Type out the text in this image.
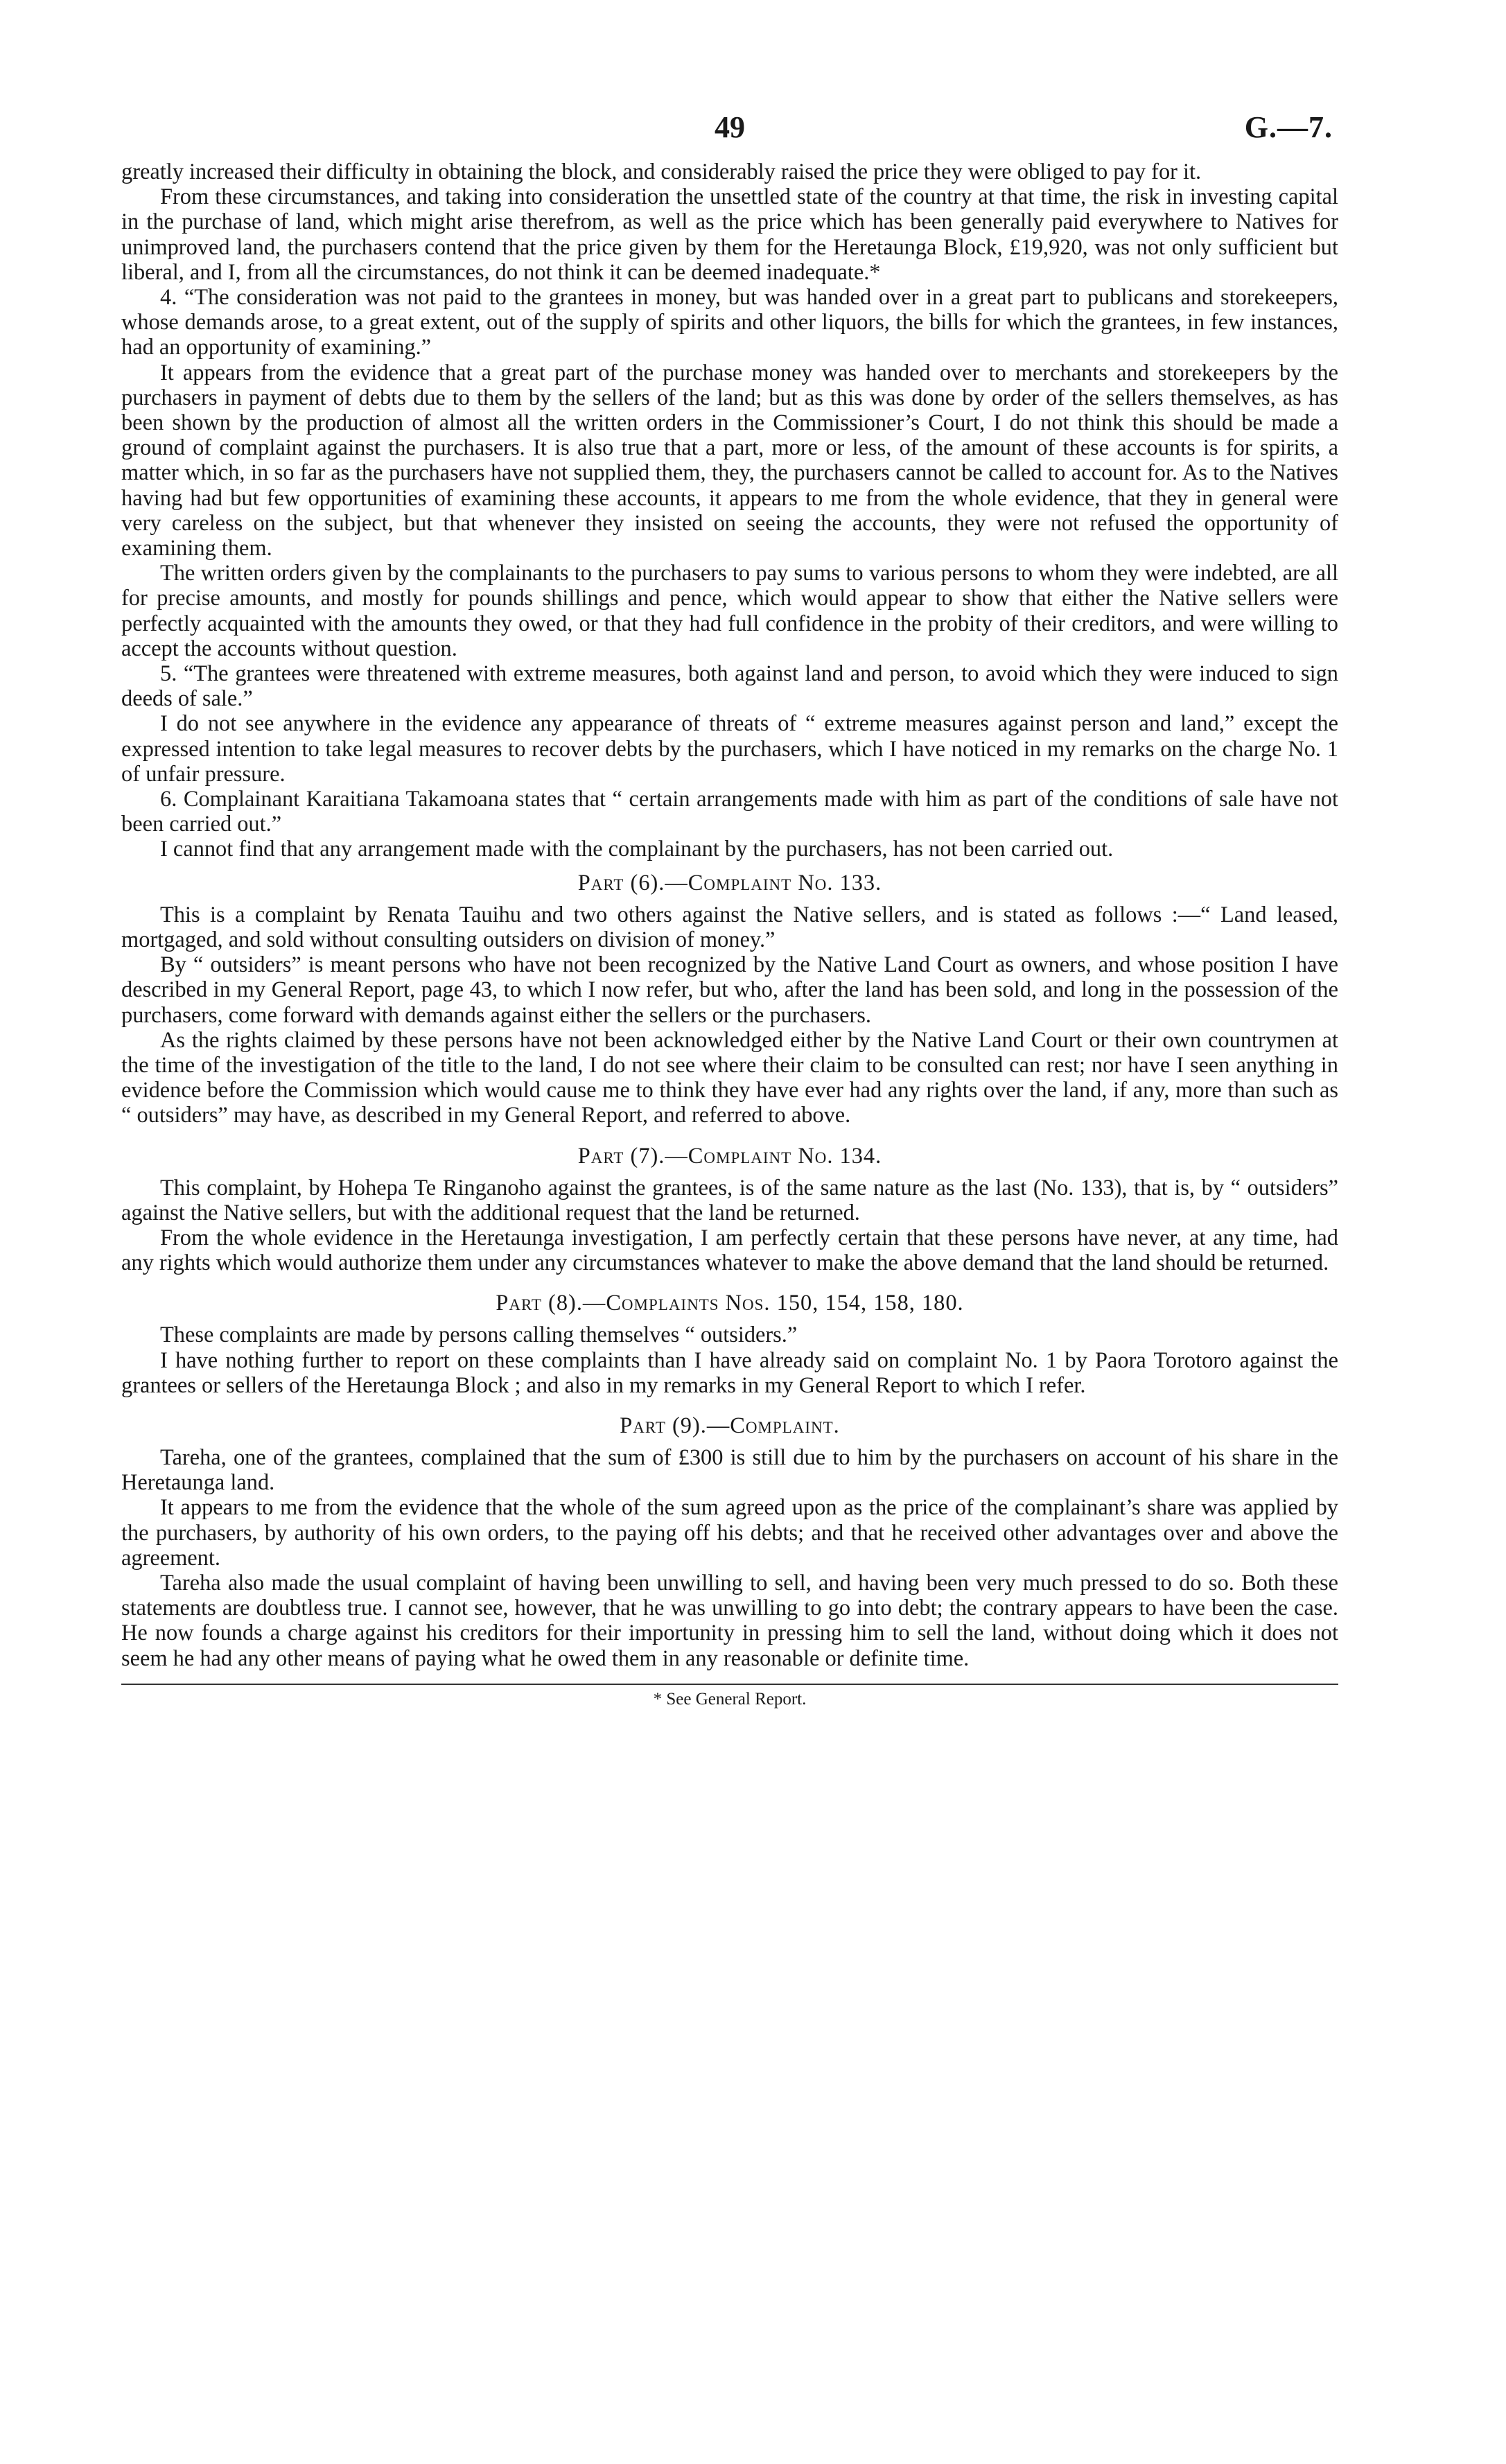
49	G.—7.

greatly increased their difficulty in obtaining the block, and considerably raised the price they were obliged to pay for it.

From these circumstances, and taking into consideration the unsettled state of the country at that time, the risk in investing capital in the purchase of land, which might arise therefrom, as well as the price which has been generally paid everywhere to Natives for unimproved land, the purchasers contend that the price given by them for the Heretaunga Block, £19,920, was not only sufficient but liberal, and I, from all the circumstances, do not think it can be deemed inadequate.*

4. “The consideration was not paid to the grantees in money, but was handed over in a great part to publicans and storekeepers, whose demands arose, to a great extent, out of the supply of spirits and other liquors, the bills for which the grantees, in few instances, had an opportunity of examining.”

It appears from the evidence that a great part of the purchase money was handed over to merchants and storekeepers by the purchasers in payment of debts due to them by the sellers of the land; but as this was done by order of the sellers themselves, as has been shown by the production of almost all the written orders in the Commissioner’s Court, I do not think this should be made a ground of complaint against the purchasers. It is also true that a part, more or less, of the amount of these accounts is for spirits, a matter which, in so far as the purchasers have not supplied them, they, the purchasers cannot be called to account for. As to the Natives having had but few opportunities of examining these accounts, it appears to me from the whole evidence, that they in general were very careless on the subject, but that whenever they insisted on seeing the accounts, they were not refused the opportunity of examining them.

The written orders given by the complainants to the purchasers to pay sums to various persons to whom they were indebted, are all for precise amounts, and mostly for pounds shillings and pence, which would appear to show that either the Native sellers were perfectly acquainted with the amounts they owed, or that they had full confidence in the probity of their creditors, and were willing to accept the accounts without question.

5. “The grantees were threatened with extreme measures, both against land and person, to avoid which they were induced to sign deeds of sale.”

I do not see anywhere in the evidence any appearance of threats of “ extreme measures against person and land,” except the expressed intention to take legal measures to recover debts by the purchasers, which I have noticed in my remarks on the charge No. 1 of unfair pressure.

6. Complainant Karaitiana Takamoana states that “ certain arrangements made with him as part of the conditions of sale have not been carried out.”

I cannot find that any arrangement made with the complainant by the purchasers, has not been carried out.

Part (6).—Complaint No. 133.

This is a complaint by Renata Tauihu and two others against the Native sellers, and is stated as follows :—“ Land leased, mortgaged, and sold without consulting outsiders on division of money.”

By “ outsiders” is meant persons who have not been recognized by the Native Land Court as owners, and whose position I have described in my General Report, page 43, to which I now refer, but who, after the land has been sold, and long in the possession of the purchasers, come forward with demands against either the sellers or the purchasers.

As the rights claimed by these persons have not been acknowledged either by the Native Land Court or their own countrymen at the time of the investigation of the title to the land, I do not see where their claim to be consulted can rest; nor have I seen anything in evidence before the Commission which would cause me to think they have ever had any rights over the land, if any, more than such as “ outsiders” may have, as described in my General Report, and referred to above.

Part (7).—Complaint No. 134.

This complaint, by Hohepa Te Ringanoho against the grantees, is of the same nature as the last (No. 133), that is, by “ outsiders” against the Native sellers, but with the additional request that the land be returned.

From the whole evidence in the Heretaunga investigation, I am perfectly certain that these persons have never, at any time, had any rights which would authorize them under any circumstances whatever to make the above demand that the land should be returned.

Part (8).—Complaints Nos. 150, 154, 158, 180.

These complaints are made by persons calling themselves “ outsiders.”

I have nothing further to report on these complaints than I have already said on complaint No. 1 by Paora Torotoro against the grantees or sellers of the Heretaunga Block ; and also in my remarks in my General Report to which I refer.

Part (9).—Complaint.

Tareha, one of the grantees, complained that the sum of £300 is still due to him by the purchasers on account of his share in the Heretaunga land.

It appears to me from the evidence that the whole of the sum agreed upon as the price of the complainant’s share was applied by the purchasers, by authority of his own orders, to the paying off his debts; and that he received other advantages over and above the agreement.

Tareha also made the usual complaint of having been unwilling to sell, and having been very much pressed to do so. Both these statements are doubtless true. I cannot see, however, that he was unwilling to go into debt; the contrary appears to have been the case. He now founds a charge against his creditors for their importunity in pressing him to sell the land, without doing which it does not seem he had any other means of paying what he owed them in any reasonable or definite time.

* See General Report.
